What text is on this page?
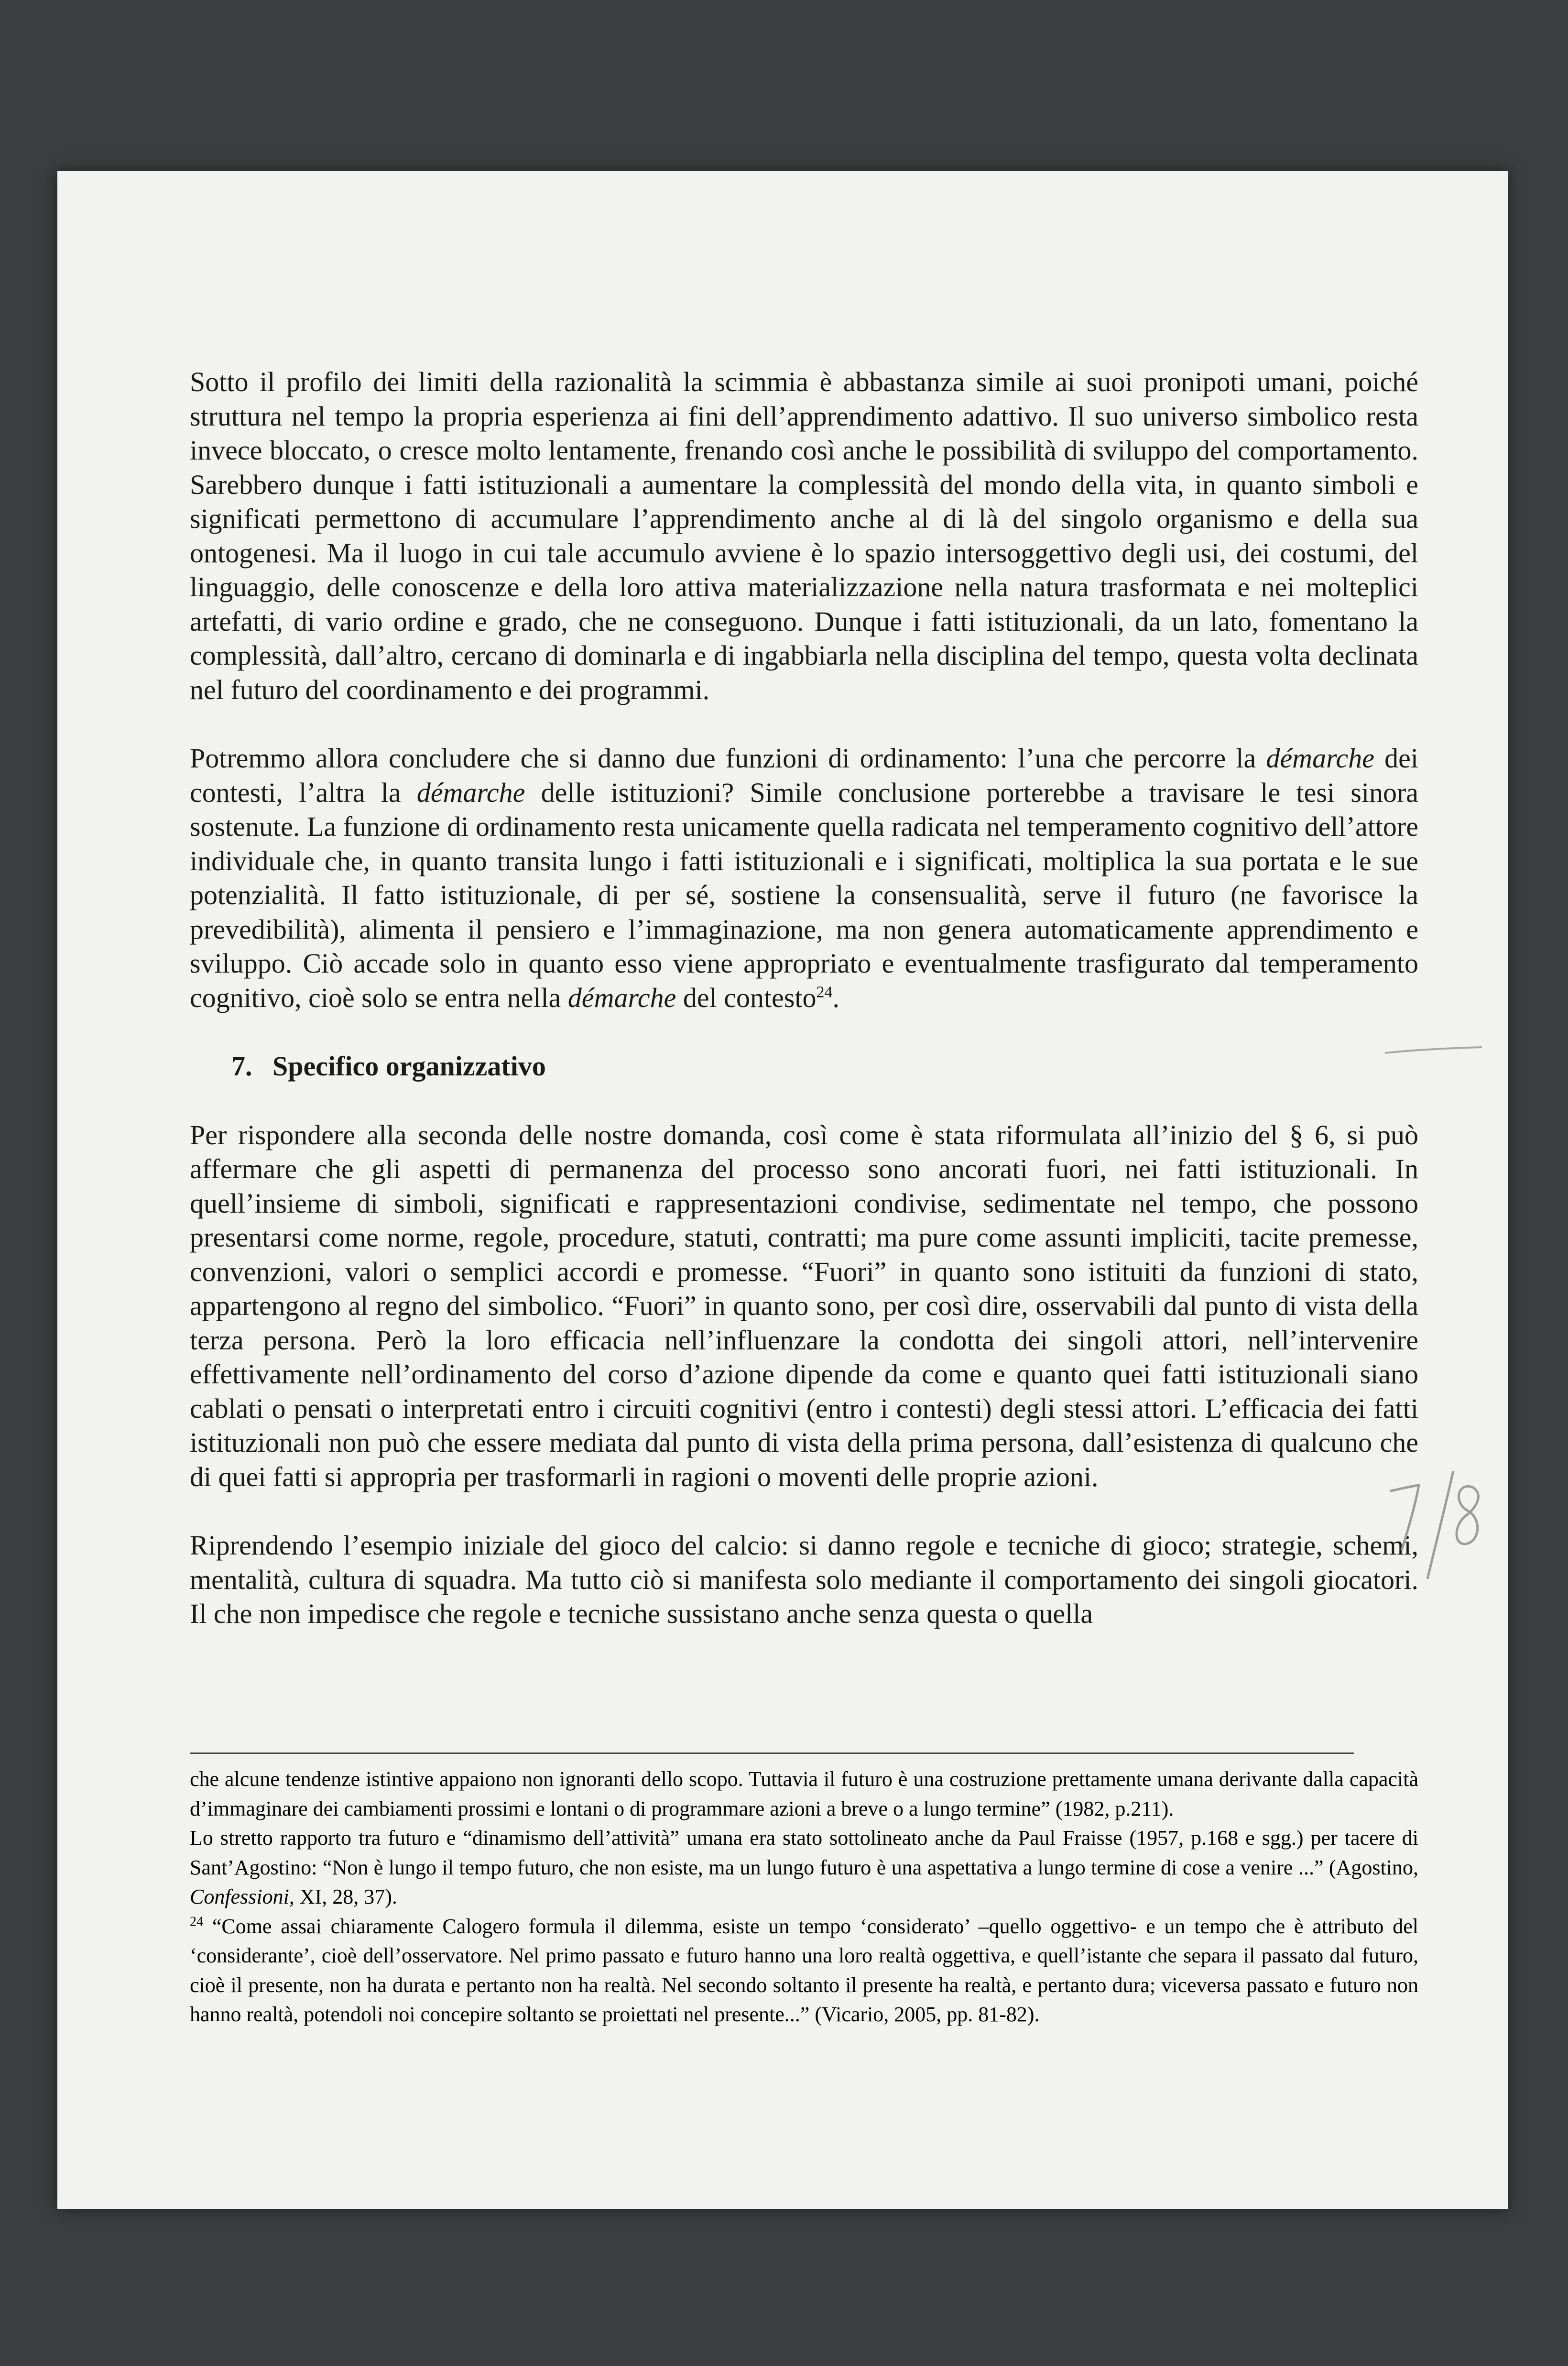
Sotto il profilo dei limiti della razionalità la scimmia è abbastanza simile ai suoi pronipoti umani, poiché struttura nel tempo la propria esperienza ai fini dell’apprendimento adattivo. Il suo universo simbolico resta invece bloccato, o cresce molto lentamente, frenando così anche le possibilità di sviluppo del comportamento. Sarebbero dunque i fatti istituzionali a aumentare la complessità del mondo della vita, in quanto simboli e significati permettono di accumulare l’apprendimento anche al di là del singolo organismo e della sua ontogenesi. Ma il luogo in cui tale accumulo avviene è lo spazio intersoggettivo degli usi, dei costumi, del linguaggio, delle conoscenze e della loro attiva materializzazione nella natura trasformata e nei molteplici artefatti, di vario ordine e grado, che ne conseguono. Dunque i fatti istituzionali, da un lato, fomentano la complessità, dall’altro, cercano di dominarla e di ingabbiarla nella disciplina del tempo, questa volta declinata nel futuro del coordinamento e dei programmi.

Potremmo allora concludere che si danno due funzioni di ordinamento: l’una che percorre la démarche dei contesti, l’altra la démarche delle istituzioni? Simile conclusione porterebbe a travisare le tesi sinora sostenute. La funzione di ordinamento resta unicamente quella radicata nel temperamento cognitivo dell’attore individuale che, in quanto transita lungo i fatti istituzionali e i significati, moltiplica la sua portata e le sue potenzialità. Il fatto istituzionale, di per sé, sostiene la consensualità, serve il futuro (ne favorisce la prevedibilità), alimenta il pensiero e l’immaginazione, ma non genera automaticamente apprendimento e sviluppo. Ciò accade solo in quanto esso viene appropriato e eventualmente trasfigurato dal temperamento cognitivo, cioè solo se entra nella démarche del contesto$^{24}$.

7. Specifico organizzativo

Per rispondere alla seconda delle nostre domanda, così come è stata riformulata all’inizio del § 6, si può affermare che gli aspetti di permanenza del processo sono ancorati fuori, nei fatti istituzionali. In quell’insieme di simboli, significati e rappresentazioni condivise, sedimentate nel tempo, che possono presentarsi come norme, regole, procedure, statuti, contratti; ma pure come assunti impliciti, tacite premesse, convenzioni, valori o semplici accordi e promesse. “Fuori” in quanto sono istituiti da funzioni di stato, appartengono al regno del simbolico. “Fuori” in quanto sono, per così dire, osservabili dal punto di vista della terza persona. Però la loro efficacia nell’influenzare la condotta dei singoli attori, nell’intervenire effettivamente nell’ordinamento del corso d’azione dipende da come e quanto quei fatti istituzionali siano cablati o pensati o interpretati entro i circuiti cognitivi (entro i contesti) degli stessi attori. L’efficacia dei fatti istituzionali non può che essere mediata dal punto di vista della prima persona, dall’esistenza di qualcuno che di quei fatti si appropria per trasformarli in ragioni o moventi delle proprie azioni.

Riprendendo l’esempio iniziale del gioco del calcio: si danno regole e tecniche di gioco; strategie, schemi, mentalità, cultura di squadra. Ma tutto ciò si manifesta solo mediante il comportamento dei singoli giocatori. Il che non impedisce che regole e tecniche sussistano anche senza questa o quella

che alcune tendenze istintive appaiono non ignoranti dello scopo. Tuttavia il futuro è una costruzione prettamente umana derivante dalla capacità d’immaginare dei cambiamenti prossimi e lontani o di programmare azioni a breve o a lungo termine” (1982, p.211).

Lo stretto rapporto tra futuro e “dinamismo dell’attività” umana era stato sottolineato anche da Paul Fraisse (1957, p.168 e sgg.) per tacere di Sant’Agostino: “Non è lungo il tempo futuro, che non esiste, ma un lungo futuro è una aspettativa a lungo termine di cose a venire ...” (Agostino, Confessioni, XI, 28, 37).

$^{24}$ “Come assai chiaramente Calogero formula il dilemma, esiste un tempo ‘considerato’ –quello oggettivo- e un tempo che è attributo del ‘considerante’, cioè dell’osservatore. Nel primo passato e futuro hanno una loro realtà oggettiva, e quell’istante che separa il passato dal futuro, cioè il presente, non ha durata e pertanto non ha realtà. Nel secondo soltanto il presente ha realtà, e pertanto dura; viceversa passato e futuro non hanno realtà, potendoli noi concepire soltanto se proiettati nel presente...” (Vicario, 2005, pp. 81-82).
